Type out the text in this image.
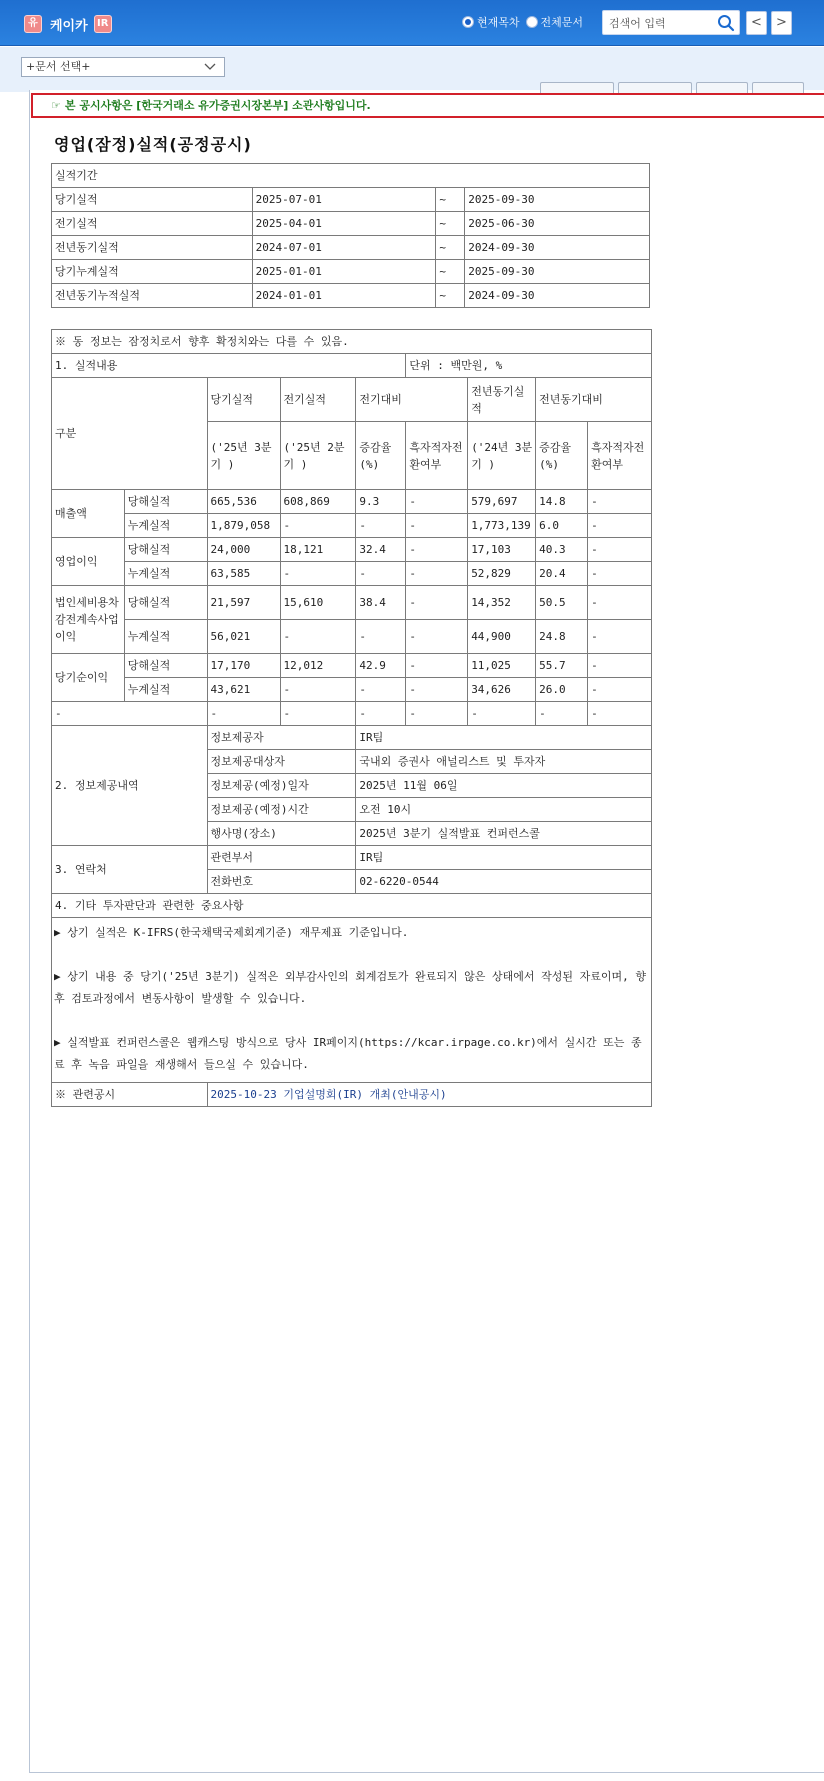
유 케이카 IR	현재목차 전체문서
검색어 입력	<	>
+문서 선택+
☞ 본 공시사항은 [한국거래소 유가증권시장본부] 소관사항입니다.
영업(잠정)실적(공정공시)
실적기간			
당기실적	2025-07-01	~	2025-09-30
전기실적	2025-04-01	~	2025-06-30
전년동기실적	2024-07-01	~	2024-09-30
당기누계실적	2025-01-01	~	2025-09-30
전년동기누적실적	2024-01-01	~	2024-09-30
※ 동 정보는 잠정치로서 향후 확정치와는 다를 수 있음.								
1. 실적내용					단위 : 백만원, %			
구분		당기실적	전기실적	전기대비		전년동기실적	전년동기대비	
		('25년 3분기 )	('25년 2분기 )	증감율(%)	흑자적자전환여부	('24년 3분기 )	증감율(%)	흑자적자전환여부
매출액	당해실적	665,536	608,869	9.3	-	579,697	14.8	-
	누계실적	1,879,058	-	-	-	1,773,139	6.0	-
영업이익	당해실적	24,000	18,121	32.4	-	17,103	40.3	-
	누계실적	63,585	-	-	-	52,829	20.4	-
법인세비용차감전계속사업이익	당해실적	21,597	15,610	38.4	-	14,352	50.5	-
	누계실적	56,021	-	-	-	44,900	24.8	-
당기순이익	당해실적	17,170	12,012	42.9	-	11,025	55.7	-
	누계실적	43,621	-	-	-	34,626	26.0	-
-		-	-	-	-	-	-	-
2. 정보제공내역		정보제공자		IR팀				
		정보제공대상자		국내외 증권사 애널리스트 및 투자자				
		정보제공(예정)일자		2025년 11월 06일				
		정보제공(예정)시간		오전 10시				
		행사명(장소)		2025년 3분기 실적발표 컨퍼런스콜				
3. 연락처		관련부서		IR팀				
		전화번호		02-6220-0544				
4. 기타 투자판단과 관련한 중요사항								

▶ 상기 실적은 K-IFRS(한국채택국제회계기준) 재무제표 기준입니다.
▶ 상기 내용 중 당기('25년 3분기) 실적은 외부감사인의 회계검토가 완료되지 않은 상태에서 작성된 자료이며, 향후 검토과정에서 변동사항이 발생할 수 있습니다.
▶ 실적발표 컨퍼런스콜은 웹캐스팅 방식으로 당사 IR페이지(https://kcar.irpage.co.kr)에서 실시간 또는 종료 후 녹음 파일을 재생해서 들으실 수 있습니다.								

※ 관련공시		2025-10-23 기업설명회(IR) 개최(안내공시)						
